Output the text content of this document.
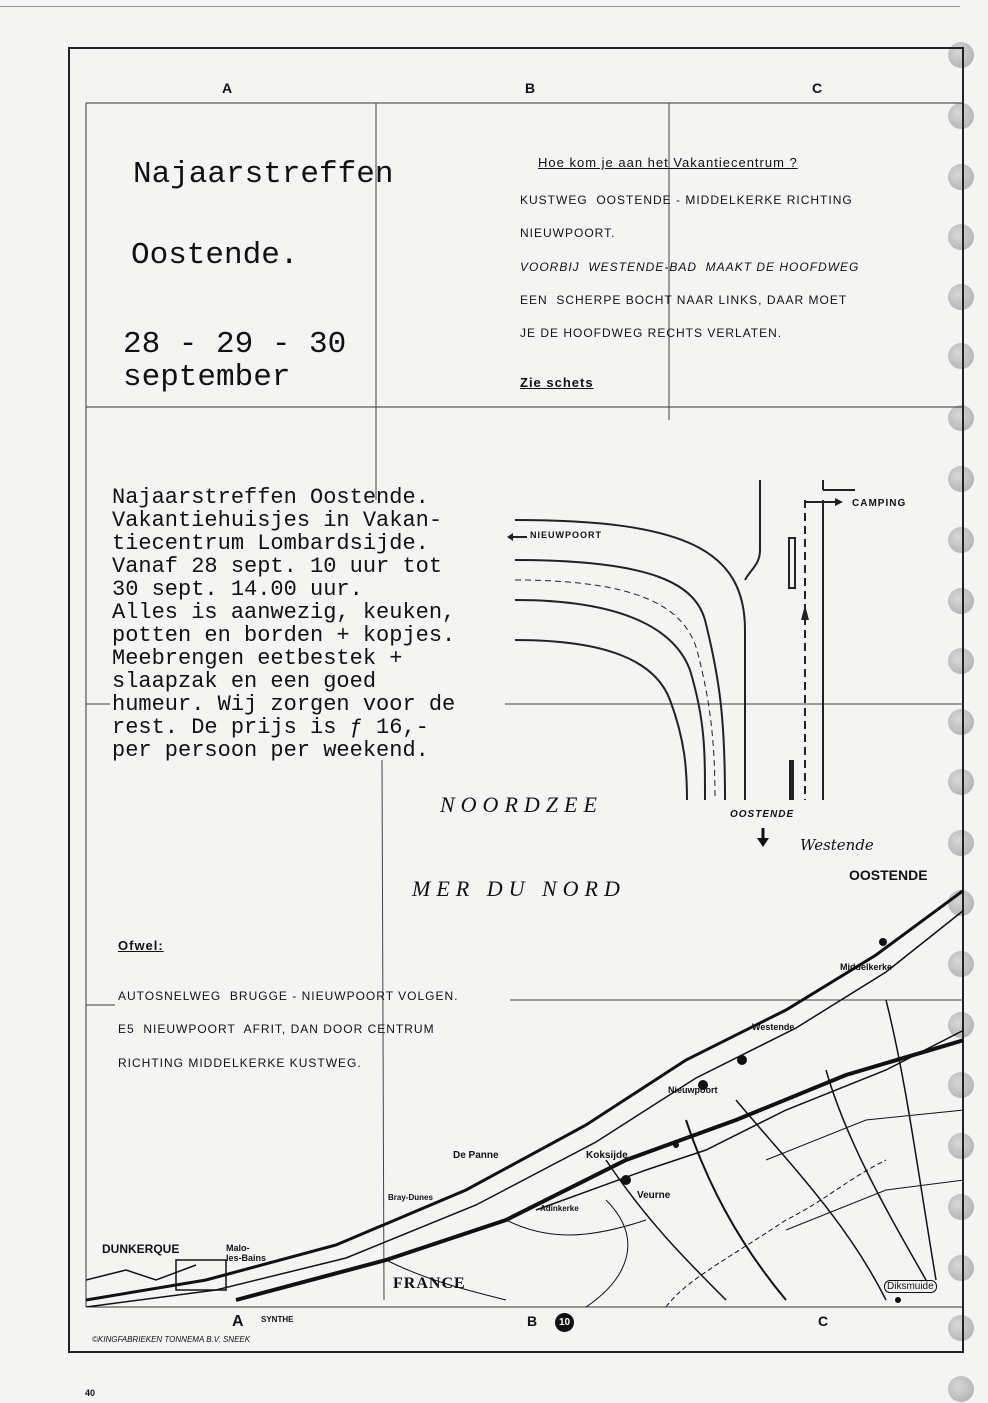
A	B	C
Najaarstreffen
Oostende.
28 - 29 - 30
september
Hoe kom je aan het Vakantiecentrum ?
KUSTWEG  OOSTENDE - MIDDELKERKE RICHTING
NIEUWPOORT.
VOORBIJ  WESTENDE-BAD  MAAKT DE HOOFDWEG
EEN  SCHERPE BOCHT NAAR LINKS, DAAR MOET
JE DE HOOFDWEG RECHTS VERLATEN.
Zie schets
Najaarstreffen Oostende.
Vakantiehuisjes in Vakan-
tiecentrum Lombardsijde.
Vanaf 28 sept. 10 uur tot
30 sept. 14.00 uur.
Alles is aanwezig, keuken,
potten en borden + kopjes.
Meebrengen eetbestek +
slaapzak en een goed
humeur. Wij zorgen voor de
rest. De prijs is ƒ 16,-
per persoon per weekend.
CAMPING
NIEUWPOORT
OOSTENDE
Westende
NOORDZEE
MER DU NORD
Ofwel:
AUTOSNELWEG  BRUGGE - NIEUWPOORT VOLGEN.
E5  NIEUWPOORT  AFRIT, DAN DOOR CENTRUM
RICHTING MIDDELKERKE KUSTWEG.
OOSTENDE
Middelkerke
Westende
Nieuwpoort
De Panne	Koksijde
Veurne
Adinkerke
Bray-Dunes
DUNKERQUE	Malo-
les-Bains
FRANCE	Diksmuide
A SYNTHE	B	10	C
©KINGFABRIEKEN TONNEMA B.V. SNEEK
40
